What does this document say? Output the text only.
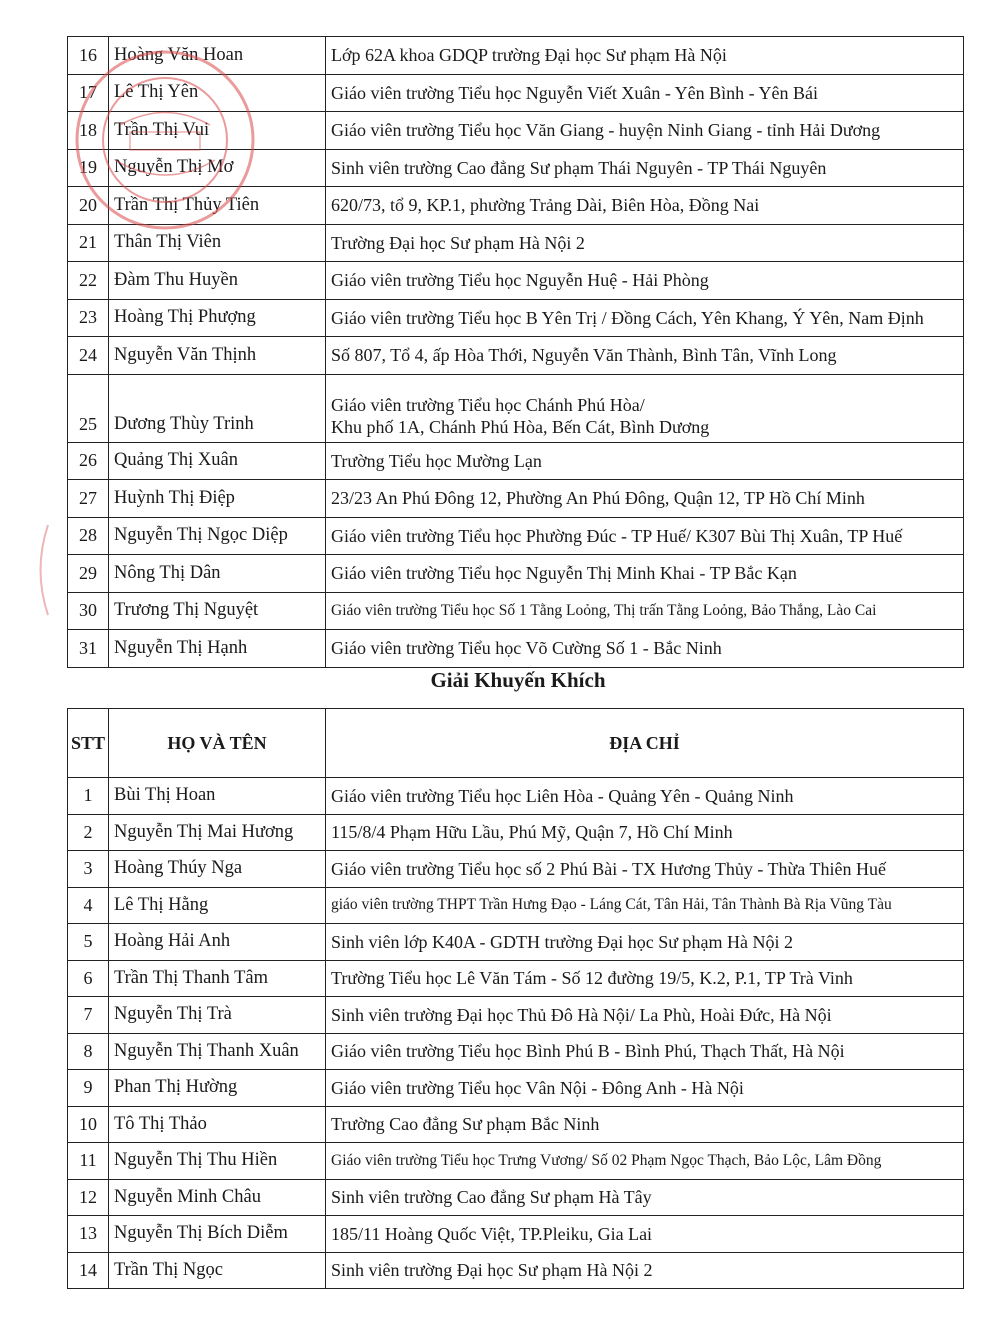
16	Hoàng Văn Hoan	Lớp 62A khoa GDQP trường Đại học Sư phạm Hà Nội
17	Lê Thị Yên	Giáo viên trường Tiểu học Nguyễn Viết Xuân - Yên Bình - Yên Bái
18	Trần Thị Vui	Giáo viên trường Tiểu học Văn Giang - huyện Ninh Giang - tỉnh Hải Dương
19	Nguyễn Thị Mơ	Sinh viên trường Cao đẳng Sư phạm Thái Nguyên - TP Thái Nguyên
20	Trần Thị Thủy Tiên	620/73, tổ 9, KP.1, phường Trảng Dài, Biên Hòa, Đồng Nai
21	Thân Thị Viên	Trường Đại học Sư phạm Hà Nội 2
22	Đàm Thu Huyền	Giáo viên trường Tiểu học Nguyễn Huệ - Hải Phòng
23	Hoàng Thị Phượng	Giáo viên trường Tiểu học B Yên Trị / Đồng Cách, Yên Khang, Ý Yên, Nam Định
24	Nguyễn Văn Thịnh	Số 807, Tổ 4, ấp Hòa Thới, Nguyễn Văn Thành, Bình Tân, Vĩnh Long
25	Dương Thùy Trinh	Giáo viên trường Tiểu học Chánh Phú Hòa/
Khu phố 1A, Chánh Phú Hòa, Bến Cát, Bình Dương

26	Quảng Thị Xuân	Trường Tiểu học Mường Lạn
27	Huỳnh Thị Điệp	23/23 An Phú Đông 12, Phường An Phú Đông, Quận 12, TP Hồ Chí Minh
28	Nguyễn Thị Ngọc Diệp	Giáo viên trường Tiểu học Phường Đúc - TP Huế/ K307 Bùi Thị Xuân, TP Huế
29	Nông Thị Dân	Giáo viên trường Tiểu học Nguyễn Thị Minh Khai - TP Bắc Kạn
30	Trương Thị Nguyệt	Giáo viên trường Tiểu học Số 1 Tằng Loỏng, Thị trấn Tằng Loỏng, Bảo Thắng, Lào Cai
31	Nguyễn Thị Hạnh	Giáo viên trường Tiểu học Võ Cường Số 1 - Bắc Ninh
Giải Khuyến Khích
STT	HỌ VÀ TÊN	ĐỊA CHỈ
1	Bùi Thị Hoan	Giáo viên trường Tiểu học Liên Hòa - Quảng Yên - Quảng Ninh
2	Nguyễn Thị Mai Hương	115/8/4 Phạm Hữu Lầu, Phú Mỹ, Quận 7, Hồ Chí Minh
3	Hoàng Thúy Nga	Giáo viên trường Tiểu học số 2 Phú Bài - TX Hương Thủy - Thừa Thiên Huế
4	Lê Thị Hằng	giáo viên trường THPT Trần Hưng Đạo - Láng Cát, Tân Hải, Tân Thành Bà Rịa Vũng Tàu
5	Hoàng Hải Anh	Sinh viên lớp K40A - GDTH trường Đại học Sư phạm Hà Nội 2
6	Trần Thị Thanh Tâm	Trường Tiểu học Lê Văn Tám - Số 12 đường 19/5, K.2, P.1, TP Trà Vinh
7	Nguyễn Thị Trà	Sinh viên trường Đại học Thủ Đô Hà Nội/ La Phù, Hoài Đức, Hà Nội
8	Nguyễn Thị Thanh Xuân	Giáo viên trường Tiểu học Bình Phú B - Bình Phú, Thạch Thất, Hà Nội
9	Phan Thị Hường	Giáo viên trường Tiểu học Vân Nội - Đông Anh - Hà Nội
10	Tô Thị Thảo	Trường Cao đẳng Sư phạm Bắc Ninh
11	Nguyễn Thị Thu Hiền	Giáo viên trường Tiểu học Trưng Vương/ Số 02 Phạm Ngọc Thạch, Bảo Lộc, Lâm Đồng
12	Nguyễn Minh Châu	Sinh viên trường Cao đẳng Sư phạm Hà Tây
13	Nguyễn Thị Bích Diễm	185/11 Hoàng Quốc Việt, TP.Pleiku, Gia Lai
14	Trần Thị Ngọc	Sinh viên trường Đại học Sư phạm Hà Nội 2
